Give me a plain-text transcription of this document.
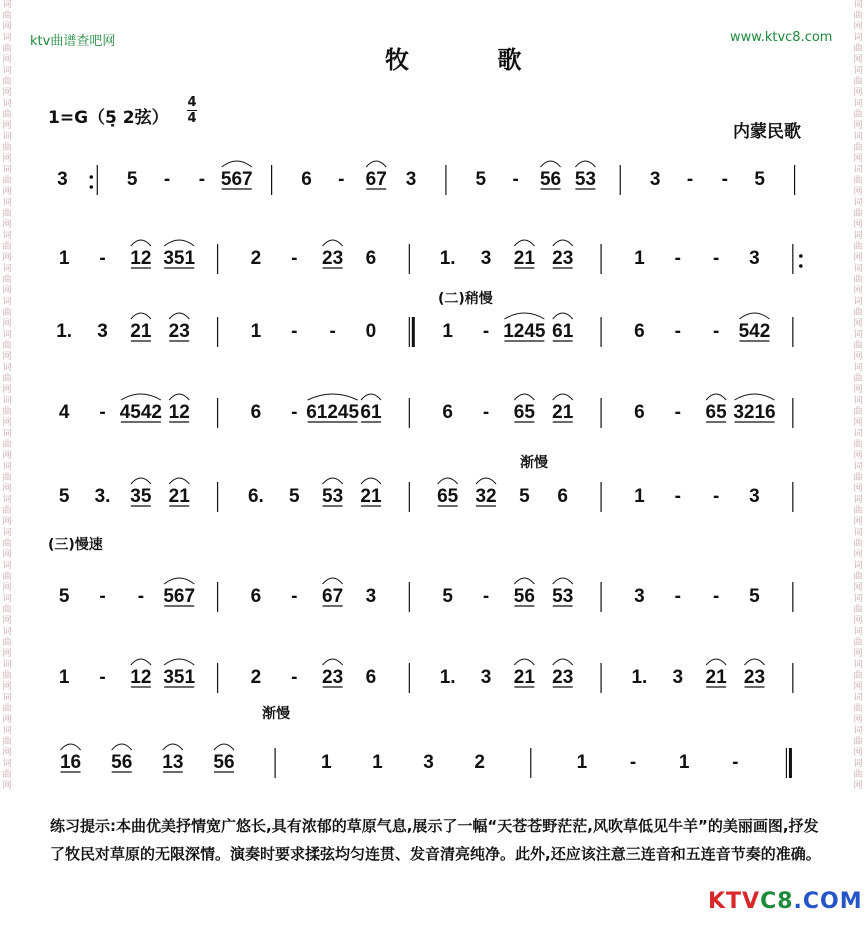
词
曲
网
词
曲
网
词
曲
网
词
曲
网
词
曲
网
词
曲
网
词
曲
网
词
曲
网
词
曲
网
词
曲
网
词
曲
网
词
曲
网
词
曲
网
词
曲
网
词
曲
网
词
曲
网
词
曲
网
词
曲
网
词
曲
网
词
曲
网
词
曲
网
词
曲
网
词
曲
网
词
曲
网
词
曲
网
词
曲
网
词
曲
网
词
曲
网
词
曲
网
词
曲
网
词
曲
网
词
曲
网
词
曲
网
词
曲
网
词
曲
网
词
曲
网
词
曲
网
词
曲
网
词
曲
网
词
曲
网
词
曲
网
词
曲
网
词
曲
网
词
曲
网
词
曲
网
词
曲
网
词
曲
网
词
曲
网
ktv曲谱查吧网	www.ktvc8.com
牧 歌
1=G（5̣ 2弦）
4
4
内蒙民歌
(二)稍慢
渐慢
(三)慢速
渐慢
3	5 - - 567	6 - 67 3	5 - 56 53	3 - - 5
1 - 12 351	2 - 23 6	1. 3 21 23	1 - - 3
1. 3 21 23	1 - - 0	1 - 1245 61	6 - - 542
4 - 4542 12	6 - 61245 61	6 - 65 21	6 - 65 3216
5 3. 35 21	6. 5 53 21	65 32 5 6	1 - - 3
5 - - 567	6 - 67 3	5 - 56 53	3 - - 5
1 - 12 351	2 - 23 6	1. 3 21 23	1. 3 21 23
16 56 13 56	1 1 3 2	1 - 1 -
练习提示:本曲优美抒情宽广悠长,具有浓郁的草原气息,展示了一幅“天苍苍野茫茫,风吹草低见牛羊”的美丽画图,抒发了牧民对草原的无限深情。演奏时要求揉弦均匀连贯、发音清亮纯净。此外,还应该注意三连音和五连音节奏的准确。
KTVC8.COM
